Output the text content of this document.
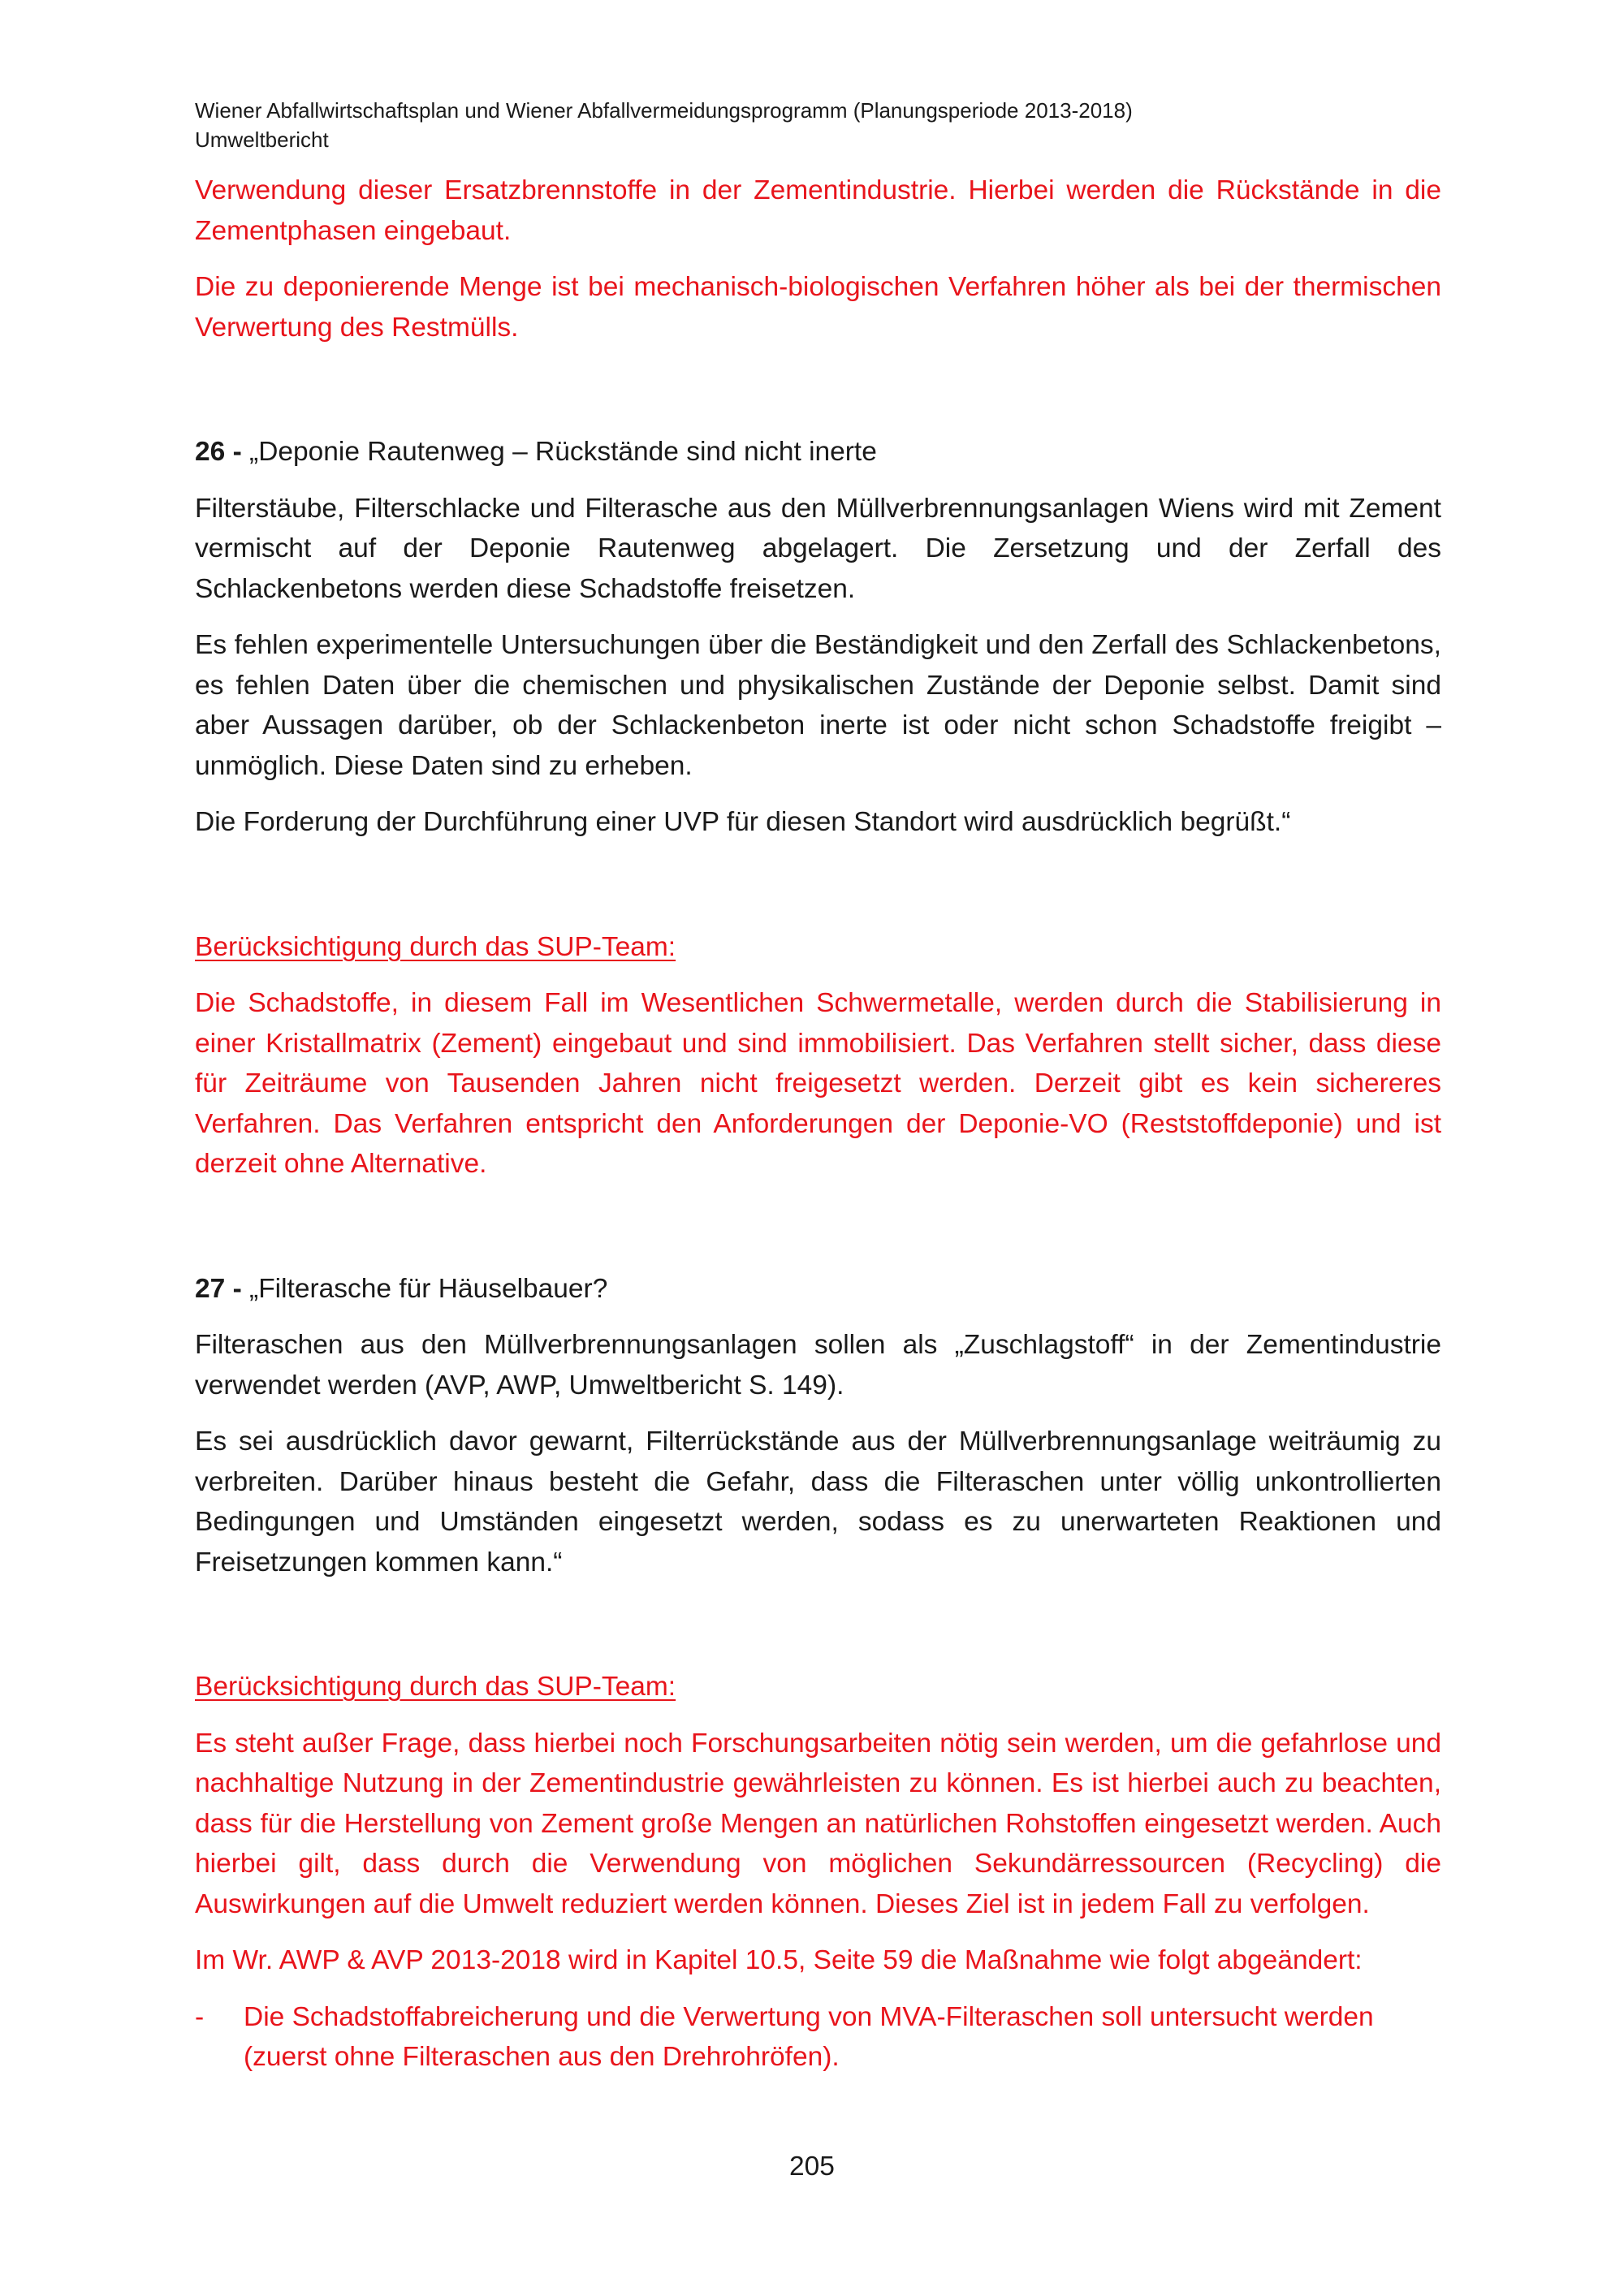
Wiener Abfallwirtschaftsplan und Wiener Abfallvermeidungsprogramm (Planungsperiode 2013-2018)
Umweltbericht

Verwendung dieser Ersatzbrennstoffe in der Zementindustrie. Hierbei werden die Rückstände in die Zementphasen eingebaut.

Die zu deponierende Menge ist bei mechanisch-biologischen Verfahren höher als bei der thermischen Verwertung des Restmülls.

26 - „Deponie Rautenweg – Rückstände sind nicht inerte

Filterstäube, Filterschlacke und Filterasche aus den Müllverbrennungsanlagen Wiens wird mit Zement vermischt auf der Deponie Rautenweg abgelagert. Die Zersetzung und der Zerfall des Schlackenbetons werden diese Schadstoffe freisetzen.

Es fehlen experimentelle Untersuchungen über die Beständigkeit und den Zerfall des Schlackenbetons, es fehlen Daten über die chemischen und physikalischen Zustände der Deponie selbst. Damit sind aber Aussagen darüber, ob der Schlackenbeton inerte ist oder nicht schon Schadstoffe freigibt – unmöglich. Diese Daten sind zu erheben.

Die Forderung der Durchführung einer UVP für diesen Standort wird ausdrücklich begrüßt.“

Berücksichtigung durch das SUP-Team:

Die Schadstoffe, in diesem Fall im Wesentlichen Schwermetalle, werden durch die Stabilisierung in einer Kristallmatrix (Zement) eingebaut und sind immobilisiert. Das Verfahren stellt sicher, dass diese für Zeiträume von Tausenden Jahren nicht freigesetzt werden. Derzeit gibt es kein sichereres Verfahren. Das Verfahren entspricht den Anforderungen der Deponie-VO (Reststoffdeponie) und ist derzeit ohne Alternative.

27 - „Filterasche für Häuselbauer?

Filteraschen aus den Müllverbrennungsanlagen sollen als „Zuschlagstoff“ in der Zementindustrie verwendet werden (AVP, AWP, Umweltbericht S. 149).

Es sei ausdrücklich davor gewarnt, Filterrückstände aus der Müllverbrennungsanlage weiträumig zu verbreiten. Darüber hinaus besteht die Gefahr, dass die Filteraschen unter völlig unkontrollierten Bedingungen und Umständen eingesetzt werden, sodass es zu unerwarteten Reaktionen und Freisetzungen kommen kann.“

Berücksichtigung durch das SUP-Team:

Es steht außer Frage, dass hierbei noch Forschungsarbeiten nötig sein werden, um die gefahrlose und nachhaltige Nutzung in der Zementindustrie gewährleisten zu können. Es ist hierbei auch zu beachten, dass für die Herstellung von Zement große Mengen an natürlichen Rohstoffen eingesetzt werden. Auch hierbei gilt, dass durch die Verwendung von möglichen Sekundärressourcen (Recycling) die Auswirkungen auf die Umwelt reduziert werden können. Dieses Ziel ist in jedem Fall zu verfolgen.

Im Wr. AWP & AVP 2013-2018 wird in Kapitel 10.5, Seite 59 die Maßnahme wie folgt abgeändert:

-	Die Schadstoffabreicherung und die Verwertung von MVA-Filteraschen soll untersucht werden (zuerst ohne Filteraschen aus den Drehrohröfen).

205
